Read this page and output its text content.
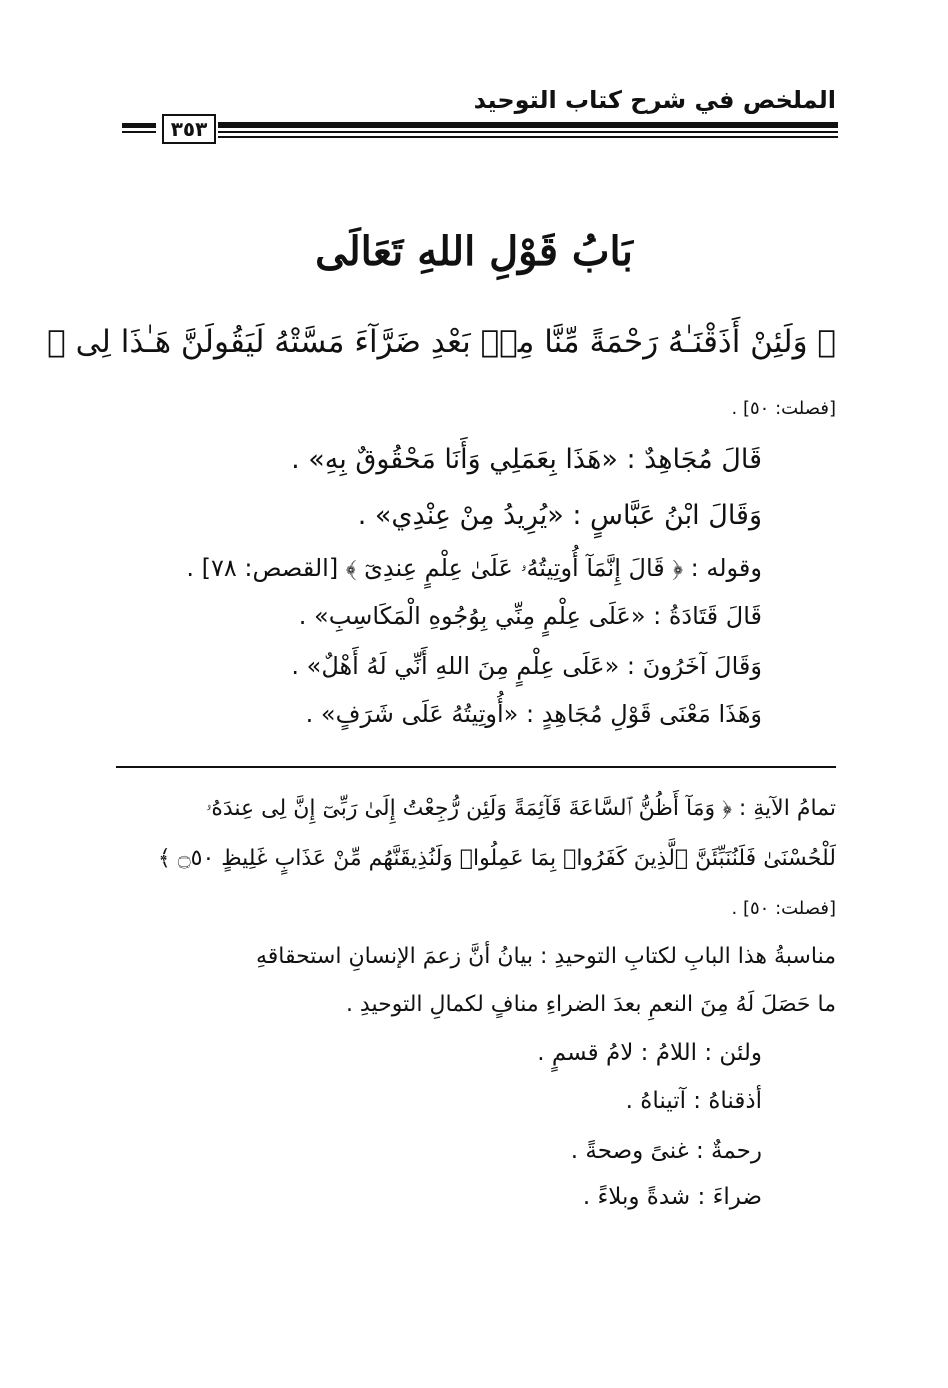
الملخص في شرح كتاب التوحيد
٣٥٣
بَابُ قَوْلِ اللهِ تَعَالَى
﴿ وَلَئِنْ أَذَقْنَـٰهُ رَحْمَةً مِّنَّا مِنۢ بَعْدِ ضَرَّآءَ مَسَّتْهُ لَيَقُولَنَّ هَـٰذَا لِى ﴾
[فصلت: ٥٠] .
قَالَ مُجَاهِدٌ : «هَذَا بِعَمَلِي وَأَنَا مَحْقُوقٌ بِهِ» .
وَقَالَ ابْنُ عَبَّاسٍ : «يُرِيدُ مِنْ عِنْدِي» .
وقوله : ﴿ قَالَ إِنَّمَآ أُوتِيتُهُۥ عَلَىٰ عِلْمٍ عِندِىٓ ﴾ [القصص: ٧٨] .
قَالَ قَتَادَةُ : «عَلَى عِلْمٍ مِنِّي بِوُجُوهِ الْمَكَاسِبِ» .
وَقَالَ آخَرُونَ : «عَلَى عِلْمٍ مِنَ اللهِ أَنِّي لَهُ أَهْلٌ» .
وَهَذَا مَعْنَى قَوْلِ مُجَاهِدٍ : «أُوتِيتُهُ عَلَى شَرَفٍ» .
تمامُ الآيةِ : ﴿ وَمَآ أَظُنُّ ٱلسَّاعَةَ قَآئِمَةً وَلَئِن رُّجِعْتُ إِلَىٰ رَبِّىٓ إِنَّ لِى عِندَهُۥ
لَلْحُسْنَىٰ فَلَنُنَبِّئَنَّ ٱلَّذِينَ كَفَرُوا۟ بِمَا عَمِلُوا۟ وَلَنُذِيقَنَّهُم مِّنْ عَذَابٍ غَلِيظٍ ۝٥٠ ﴾
[فصلت: ٥٠] .
مناسبةُ هذا البابِ لكتابِ التوحيدِ : بيانُ أنَّ زعمَ الإنسانِ استحقاقهِ
ما حَصَلَ لَهُ مِنَ النعمِ بعدَ الضراءِ منافٍ لكمالِ التوحيدِ .
ولئن : اللامُ : لامُ قسمٍ .
أذقناهُ : آتيناهُ .
رحمةٌ : غنىً وصحةً .
ضراءَ : شدةً وبلاءً .
